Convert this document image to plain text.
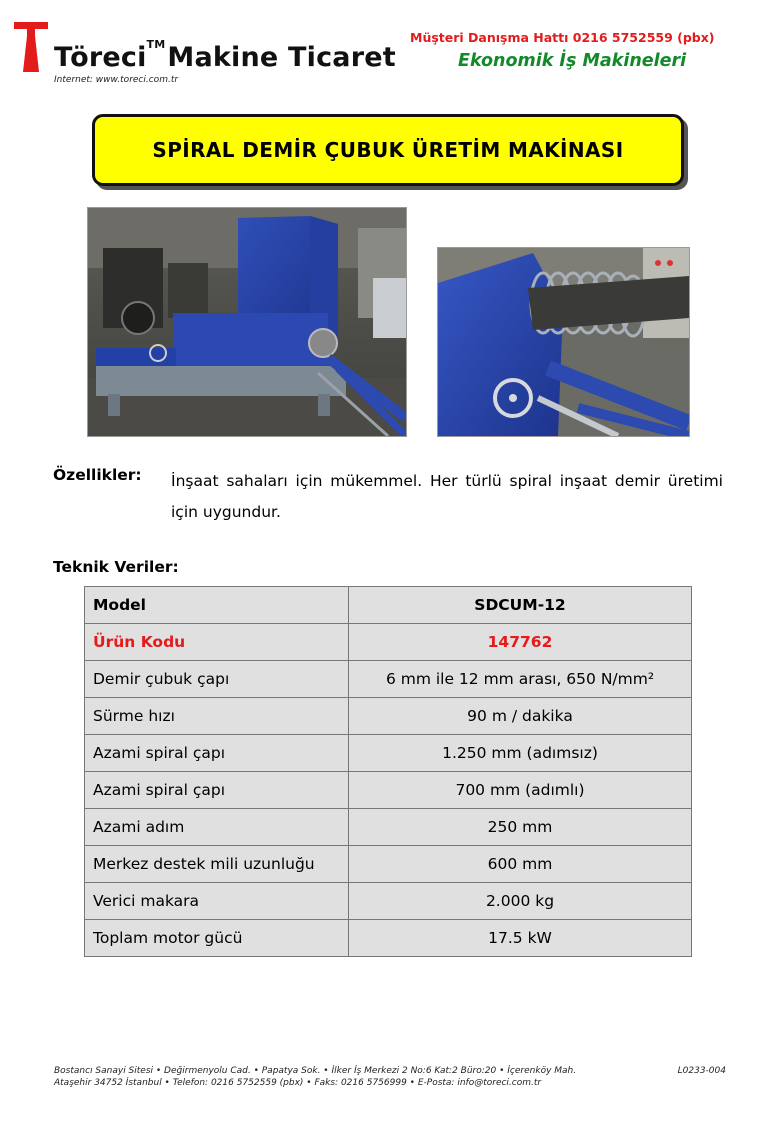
Töreci™Makine Ticaret
Internet: www.toreci.com.tr
Müşteri Danışma Hattı 0216 5752559 (pbx)
Ekonomik İş Makineleri
SPİRAL DEMİR ÇUBUK ÜRETİM MAKİNASI
Özellikler: İnşaat sahaları için mükemmel. Her türlü spiral inşaat demir üretimi için uygundur.
Teknik Veriler:
Model	SDCUM-12
Ürün Kodu	147762
Demir çubuk çapı	6 mm ile 12 mm arası, 650 N/mm²
Sürme hızı	90 m / dakika
Azami spiral çapı	1.250 mm (adımsız)
Azami spiral çapı	700 mm (adımlı)
Azami adım	250 mm
Merkez destek mili uzunluğu	600 mm
Verici makara	2.000 kg
Toplam motor gücü	17.5 kW
Bostancı Sanayi Sitesi • Değirmenyolu Cad. • Papatya Sok. • İlker İş Merkezi 2 No:6 Kat:2 Büro:20 • İçerenköy Mah.
Ataşehir 34752 İstanbul • Telefon: 0216 5752559 (pbx) • Faks: 0216 5756999 • E-Posta: info@toreci.com.tr
L0233-004
